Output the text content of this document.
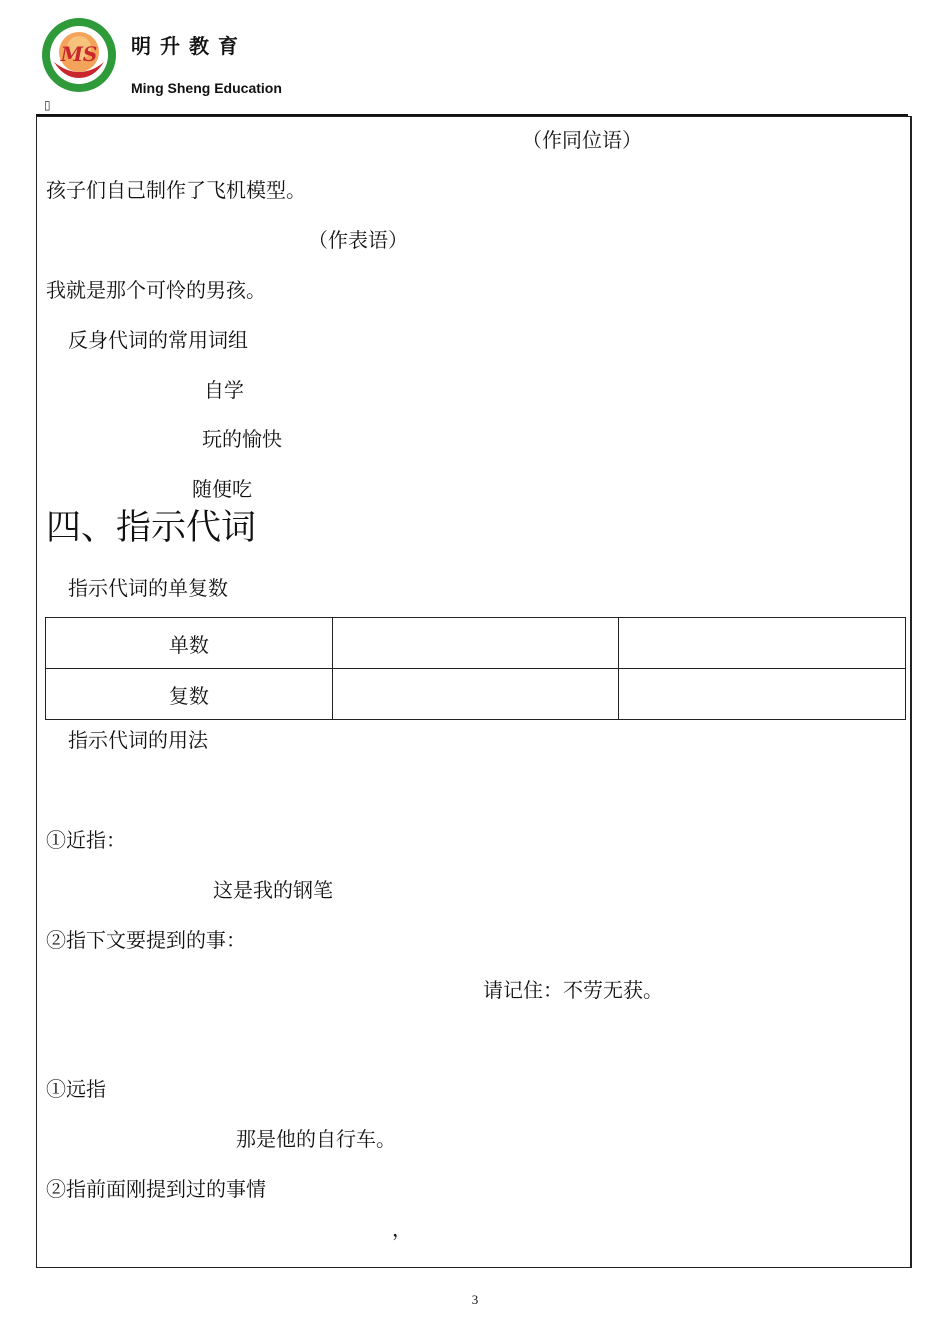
MS 明升教育
Ming Sheng Education
▯
（作同位语）
孩子们自己制作了飞机模型。
（作表语）
我就是那个可怜的男孩。
反身代词的常用词组
自学
玩的愉快
随便吃
四、指示代词
指示代词的单复数
单数		
复数		
指示代词的用法
①近指：
这是我的钢笔
②指下文要提到的事：
请记住：不劳无获。
①远指
那是他的自行车。
②指前面刚提到过的事情
，
3
